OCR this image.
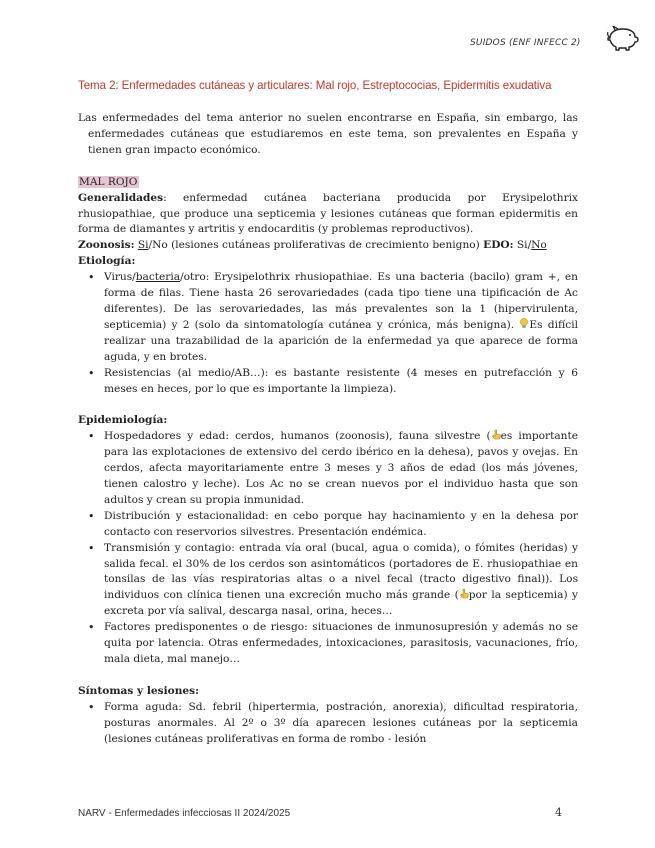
SUIDOS (ENF INFECC 2)
Tema 2: Enfermedades cutáneas y articulares: Mal rojo, Estreptococias, Epidermitis exudativa

Las enfermedades del tema anterior no suelen encontrarse en España, sin embargo, las enfermedades cutáneas que estudiaremos en este tema, son prevalentes en España y tienen gran impacto económico.

MAL ROJO

Generalidades: enfermedad cutánea bacteriana producida por Erysipelothrix rhusiopathiae, que produce una septicemia y lesiones cutáneas que forman epidermitis en forma de diamantes y artritis y endocarditis (y problemas reproductivos).

Zoonosis: Si/No (lesiones cutáneas proliferativas de crecimiento benigno) EDO: Si/No

Etiología:

• Virus/bacteria/otro: Erysipelothrix rhusiopathiae. Es una bacteria (bacilo) gram +, en forma de filas. Tiene hasta 26 serovariedades (cada tipo tiene una tipificación de Ac diferentes). De las serovariedades, las más prevalentes son la 1 (hipervirulenta, septicemia) y 2 (solo da sintomatología cutánea y crónica, más benigna). Es difícil realizar una trazabilidad de la aparición de la enfermedad ya que aparece de forma aguda, y en brotes.
• Resistencias (al medio/AB…): es bastante resistente (4 meses en putrefacción y 6 meses en heces, por lo que es importante la limpieza).

Epidemiología:

• Hospedadores y edad: cerdos, humanos (zoonosis), fauna silvestre ( es importante para las explotaciones de extensivo del cerdo ibérico en la dehesa), pavos y ovejas. En cerdos, afecta mayoritariamente entre 3 meses y 3 años de edad (los más jóvenes, tienen calostro y leche). Los Ac no se crean nuevos por el individuo hasta que son adultos y crean su propia inmunidad.
• Distribución y estacionalidad: en cebo porque hay hacinamiento y en la dehesa por contacto con reservorios silvestres. Presentación endémica.
• Transmisión y contagio: entrada vía oral (bucal, agua o comida), o fómites (heridas) y salida fecal. el 30% de los cerdos son asintomáticos (portadores de E. rhusiopathiae en tonsilas de las vías respiratorias altas o a nivel fecal (tracto digestivo final)). Los individuos con clínica tienen una excreción mucho más grande ( por la septicemia) y excreta por vía salival, descarga nasal, orina, heces…
• Factores predisponentes o de riesgo: situaciones de inmunosupresión y además no se quita por latencia. Otras enfermedades, intoxicaciones, parasitosis, vacunaciones, frío, mala dieta, mal manejo…

Síntomas y lesiones:

• Forma aguda: Sd. febril (hipertermia, postración, anorexia), dificultad respiratoria, posturas anormales. Al 2º o 3º día aparecen lesiones cutáneas por la septicemia (lesiones cutáneas proliferativas en forma de rombo - lesión
NARV - Enfermedades infecciosas II 2024/2025	4
